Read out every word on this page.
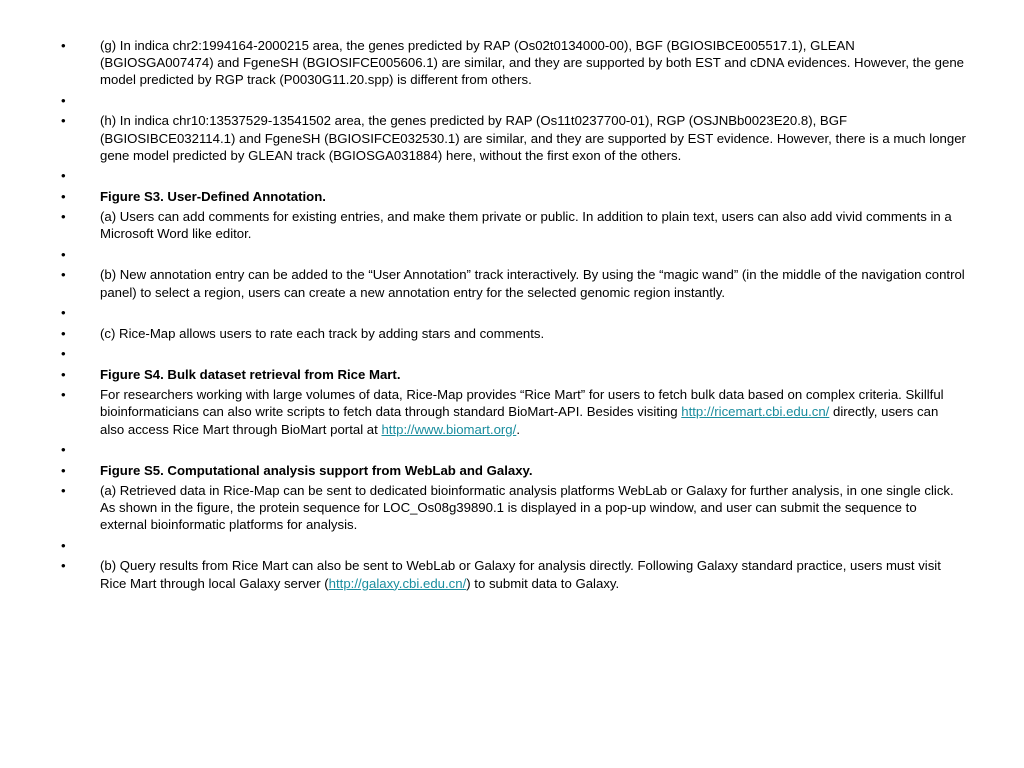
•	(g) In indica chr2:1994164-2000215 area, the genes predicted by RAP (Os02t0134000-00), BGF (BGIOSIBCE005517.1), GLEAN (BGIOSGA007474) and FgeneSH (BGIOSIFCE005606.1) are similar, and they are supported by both EST and cDNA evidences. However, the gene model predicted by RGP track (P0030G11.20.spp) is different from others.
•
•	(h) In indica chr10:13537529-13541502 area, the genes predicted by RAP (Os11t0237700-01), RGP (OSJNBb0023E20.8), BGF (BGIOSIBCE032114.1) and FgeneSH (BGIOSIFCE032530.1) are similar, and they are supported by EST evidence. However, there is a much longer gene model predicted by GLEAN track (BGIOSGA031884) here, without the first exon of the others.
•
•	Figure S3. User-Defined Annotation.
•	(a) Users can add comments for existing entries, and make them private or public. In addition to plain text, users can also add vivid comments in a Microsoft Word like editor.
•
•	(b) New annotation entry can be added to the “User Annotation” track interactively. By using the “magic wand” (in the middle of the navigation control panel) to select a region, users can create a new annotation entry for the selected genomic region instantly.
•
•	(c) Rice-Map allows users to rate each track by adding stars and comments.
•
•	Figure S4. Bulk dataset retrieval from Rice Mart.
•	For researchers working with large volumes of data, Rice-Map provides “Rice Mart” for users to fetch bulk data based on complex criteria. Skillful bioinformaticians can also write scripts to fetch data through standard BioMart-API. Besides visiting http://ricemart.cbi.edu.cn/ directly, users can also access Rice Mart through BioMart portal at http://www.biomart.org/.
•
•	Figure S5. Computational analysis support from WebLab and Galaxy.
•	(a) Retrieved data in Rice-Map can be sent to dedicated bioinformatic analysis platforms WebLab or Galaxy for further analysis, in one single click. As shown in the figure, the protein sequence for LOC_Os08g39890.1 is displayed in a pop-up window, and user can submit the sequence to external bioinformatic platforms for analysis.
•
•	(b) Query results from Rice Mart can also be sent to WebLab or Galaxy for analysis directly. Following Galaxy standard practice, users must visit Rice Mart through local Galaxy server (http://galaxy.cbi.edu.cn/) to submit data to Galaxy.
